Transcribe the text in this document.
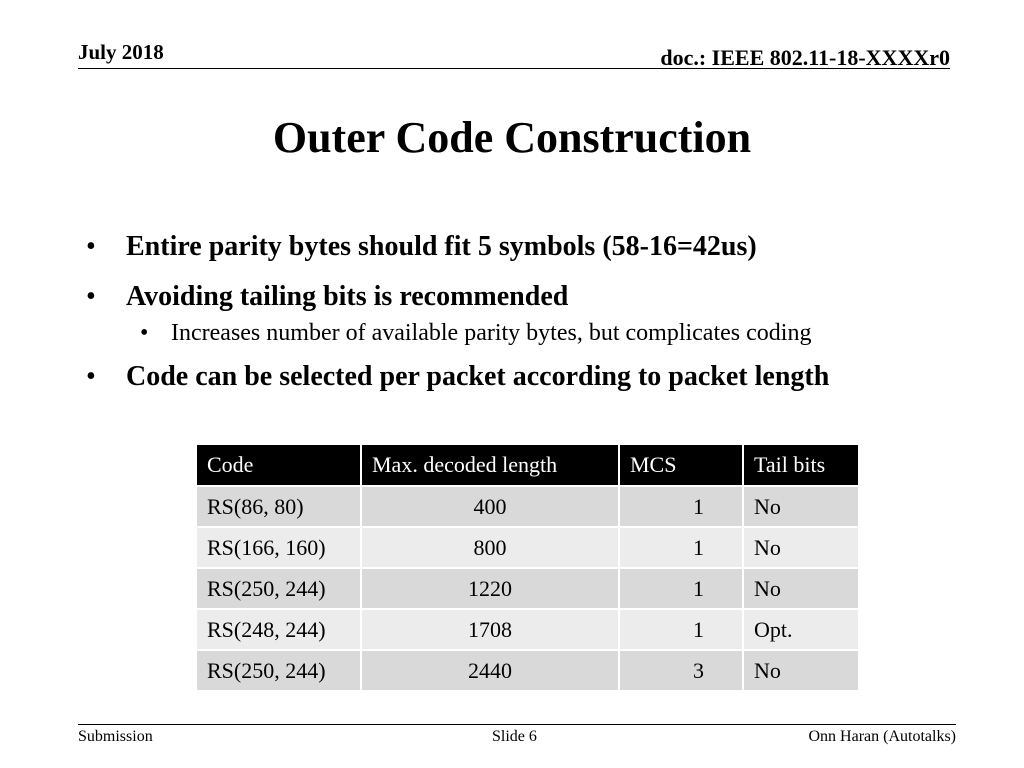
July 2018	doc.: IEEE 802.11-18-XXXXr0
Outer Code Construction
• Entire parity bytes should fit 5 symbols (58-16=42us)
• Avoiding tailing bits is recommended
• Increases number of available parity bytes, but complicates coding
• Code can be selected per packet according to packet length
Code	Max. decoded length	MCS	Tail bits
RS(86, 80)	400	1	No
RS(166, 160)	800	1	No
RS(250, 244)	1220	1	No
RS(248, 244)	1708	1	Opt.
RS(250, 244)	2440	3	No
Submission	Slide 6	Onn Haran (Autotalks)
